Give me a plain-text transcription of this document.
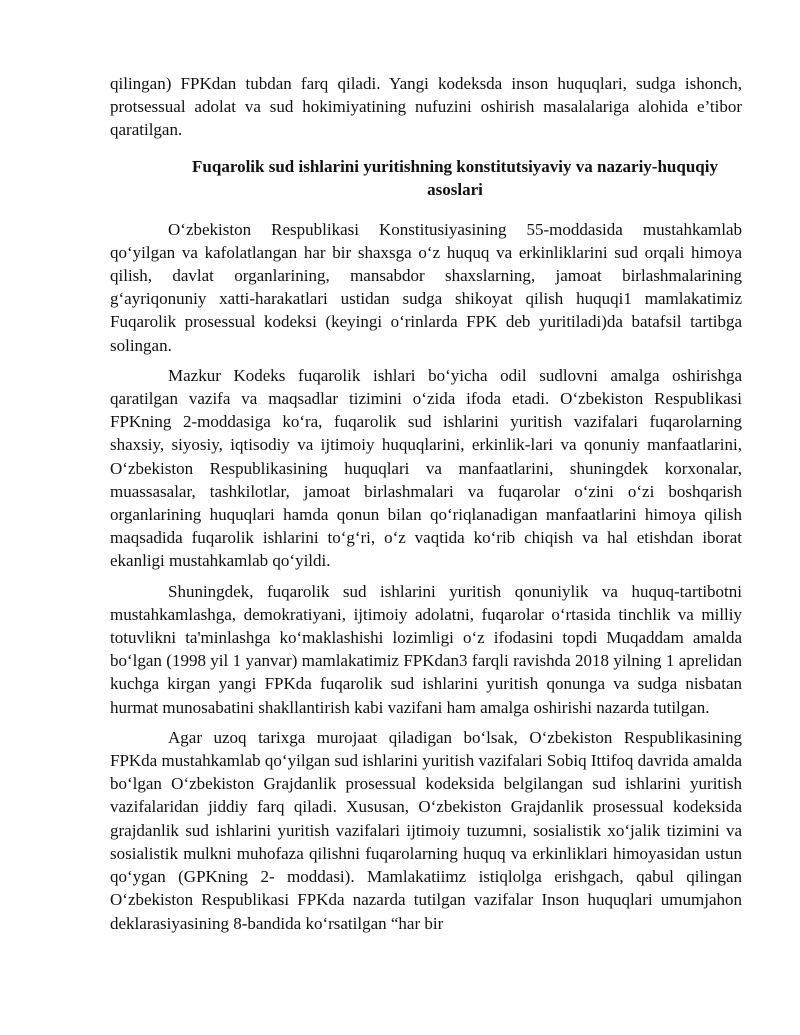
qilingan) FPKdan tubdan farq qiladi. Yangi kodeksda inson huquqlari, sudga ishonch, protsessual adolat va sud hokimiyatining nufuzini oshirish masalalariga alohida e’tibor qaratilgan.

Fuqarolik sud ishlarini yuritishning konstitutsiyaviy va nazariy-huquqiy asoslari

O‘zbekiston Respublikasi Konstitusiyasining 55-moddasida mustahkamlab qo‘yilgan va kafolatlangan har bir shaxsga o‘z huquq va erkinliklarini sud orqali himoya qilish, davlat organlarining, mansabdor shaxslarning, jamoat birlashmalarining g‘ayriqonuniy xatti-harakatlari ustidan sudga shikoyat qilish huquqi1 mamlakatimiz Fuqarolik prosessual kodeksi (keyingi o‘rinlarda FPK deb yuritiladi)da batafsil tartibga solingan.

Mazkur Kodeks fuqarolik ishlari bo‘yicha odil sudlovni amalga oshirishga qaratilgan vazifa va maqsadlar tizimini o‘zida ifoda etadi. O‘zbekiston Respublikasi FPKning 2-moddasiga ko‘ra, fuqarolik sud ishlarini yuritish vazifalari fuqarolarning shaxsiy, siyosiy, iqtisodiy va ijtimoiy huquqlarini, erkinlik-lari va qonuniy manfaatlarini, O‘zbekiston Respublikasining huquqlari va manfaatlarini, shuningdek korxonalar, muassasalar, tashkilotlar, jamoat birlashmalari va fuqarolar o‘zini o‘zi boshqarish organlarining huquqlari hamda qonun bilan qo‘riqlanadigan manfaatlarini himoya qilish maqsadida fuqarolik ishlarini to‘g‘ri, o‘z vaqtida ko‘rib chiqish va hal etishdan iborat ekanligi mustahkamlab qo‘yildi.

Shuningdek, fuqarolik sud ishlarini yuritish qonuniylik va huquq-tartibotni mustahkamlashga, demokratiyani, ijtimoiy adolatni, fuqarolar o‘rtasida tinchlik va milliy totuvlikni ta'minlashga ko‘maklashishi lozimligi o‘z ifodasini topdi Muqaddam amalda bo‘lgan (1998 yil 1 yanvar) mamlakatimiz FPKdan3 farqli ravishda 2018 yilning 1 aprelidan kuchga kirgan yangi FPKda fuqarolik sud ishlarini yuritish qonunga va sudga nisbatan hurmat munosabatini shakllantirish kabi vazifani ham amalga oshirishi nazarda tutilgan.

Agar uzoq tarixga murojaat qiladigan bo‘lsak, O‘zbekiston Respublikasining FPKda mustahkamlab qo‘yilgan sud ishlarini yuritish vazifalari Sobiq Ittifoq davrida amalda bo‘lgan O‘zbekiston Grajdanlik prosessual kodeksida belgilangan sud ishlarini yuritish vazifalaridan jiddiy farq qiladi. Xususan, O‘zbekiston Grajdanlik prosessual kodeksida grajdanlik sud ishlarini yuritish vazifalari ijtimoiy tuzumni, sosialistik xo‘jalik tizimini va sosialistik mulkni muhofaza qilishni fuqarolarning huquq va erkinliklari himoyasidan ustun qo‘ygan (GPKning 2- moddasi). Mamlakatiimz istiqlolga erishgach, qabul qilingan O‘zbekiston Respublikasi FPKda nazarda tutilgan vazifalar Inson huquqlari umumjahon deklarasiyasining 8-bandida ko‘rsatilgan “har bir
